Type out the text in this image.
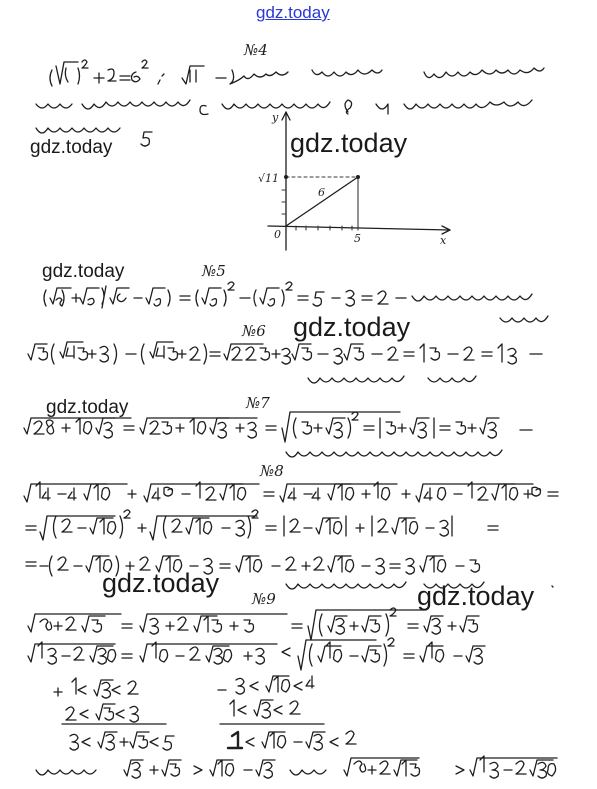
gdz.today
gdz.today	gdz.today
gdz.today
gdz.today
gdz.today
gdz.today	gdz.today
№4
y
x
0	5
√11
6
№5
№6
№7
№8
№9
